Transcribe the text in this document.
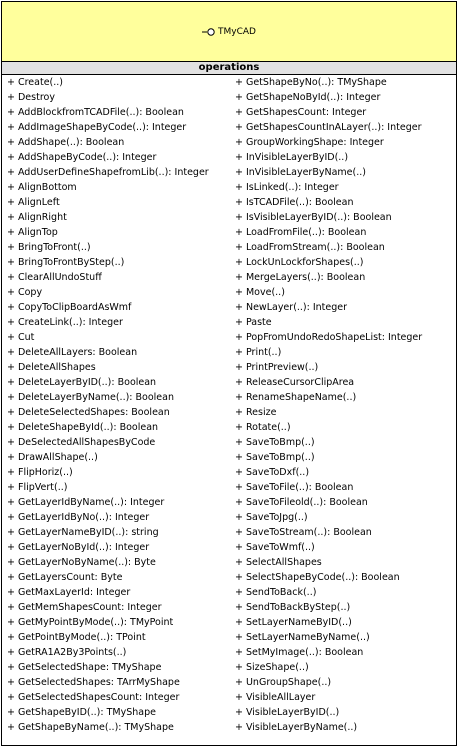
TMyCAD
operations
+ Create(..)
+ Destroy
+ AddBlockfromTCADFile(..): Boolean
+ AddImageShapeByCode(..): Integer
+ AddShape(..): Boolean
+ AddShapeByCode(..): Integer
+ AddUserDefineShapefromLib(..): Integer
+ AlignBottom
+ AlignLeft
+ AlignRight
+ AlignTop
+ BringToFront(..)
+ BringToFrontByStep(..)
+ ClearAllUndoStuff
+ Copy
+ CopyToClipBoardAsWmf
+ CreateLink(..): Integer
+ Cut
+ DeleteAllLayers: Boolean
+ DeleteAllShapes
+ DeleteLayerByID(..): Boolean
+ DeleteLayerByName(..): Boolean
+ DeleteSelectedShapes: Boolean
+ DeleteShapeById(..): Boolean
+ DeSelectedAllShapesByCode
+ DrawAllShape(..)
+ FlipHoriz(..)
+ FlipVert(..)
+ GetLayerIdByName(..): Integer
+ GetLayerIdByNo(..): Integer
+ GetLayerNameByID(..): string
+ GetLayerNoById(..): Integer
+ GetLayerNoByName(..): Byte
+ GetLayersCount: Byte
+ GetMaxLayerId: Integer
+ GetMemShapesCount: Integer
+ GetMyPointByMode(..): TMyPoint
+ GetPointByMode(..): TPoint
+ GetRA1A2By3Points(..)
+ GetSelectedShape: TMyShape
+ GetSelectedShapes: TArrMyShape
+ GetSelectedShapesCount: Integer
+ GetShapeByID(..): TMyShape
+ GetShapeByName(..): TMyShape
+ GetShapeByNo(..): TMyShape
+ GetShapeNoById(..): Integer
+ GetShapesCount: Integer
+ GetShapesCountInALayer(..): Integer
+ GroupWorkingShape: Integer
+ InVisibleLayerByID(..)
+ InVisibleLayerByName(..)
+ IsLinked(..): Integer
+ IsTCADFile(..): Boolean
+ IsVisibleLayerByID(..): Boolean
+ LoadFromFile(..): Boolean
+ LoadFromStream(..): Boolean
+ LockUnLockforShapes(..)
+ MergeLayers(..): Boolean
+ Move(..)
+ NewLayer(..): Integer
+ Paste
+ PopFromUndoRedoShapeList: Integer
+ Print(..)
+ PrintPreview(..)
+ ReleaseCursorClipArea
+ RenameShapeName(..)
+ Resize
+ Rotate(..)
+ SaveToBmp(..)
+ SaveToBmp(..)
+ SaveToDxf(..)
+ SaveToFile(..): Boolean
+ SaveToFileold(..): Boolean
+ SaveToJpg(..)
+ SaveToStream(..): Boolean
+ SaveToWmf(..)
+ SelectAllShapes
+ SelectShapeByCode(..): Boolean
+ SendToBack(..)
+ SendToBackByStep(..)
+ SetLayerNameByID(..)
+ SetLayerNameByName(..)
+ SetMyImage(..): Boolean
+ SizeShape(..)
+ UnGroupShape(..)
+ VisibleAllLayer
+ VisibleLayerByID(..)
+ VisibleLayerByName(..)
